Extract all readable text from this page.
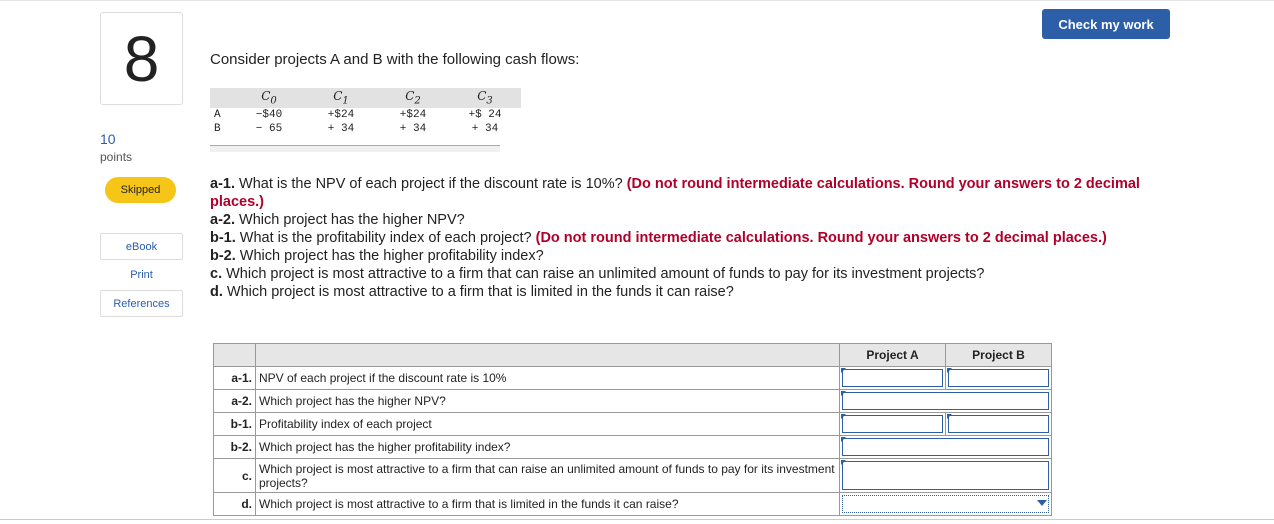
8
10
points
Skipped
eBook
Print
References
Check my work
Consider projects A and B with the following cash flows:
	$C_0$	$C_1$	$C_2$	$C_3$
A	−$40	+$24	+$24	+$ 24
B	− 65	+ 34	+ 34	+ 34
a-1. What is the NPV of each project if the discount rate is 10%? (Do not round intermediate calculations. Round your answers to 2 decimal places.)
a-2. Which project has the higher NPV?
b-1. What is the profitability index of each project? (Do not round intermediate calculations. Round your answers to 2 decimal places.)
b-2. Which project has the higher profitability index?
c. Which project is most attractive to a firm that can raise an unlimited amount of funds to pay for its investment projects?
d. Which project is most attractive to a firm that is limited in the funds it can raise?
		Project A	Project B
a-1.	NPV of each project if the discount rate is 10%	

a-2.	Which project has the higher NPV?		

b-1.	Profitability index of each project	

b-2.	Which project has the higher profitability index?		

c.	Which project is most attractive to a firm that can raise an unlimited amount of funds to pay for its investment projects?		

d.	Which project is most attractive to a firm that is limited in the funds it can raise?		
